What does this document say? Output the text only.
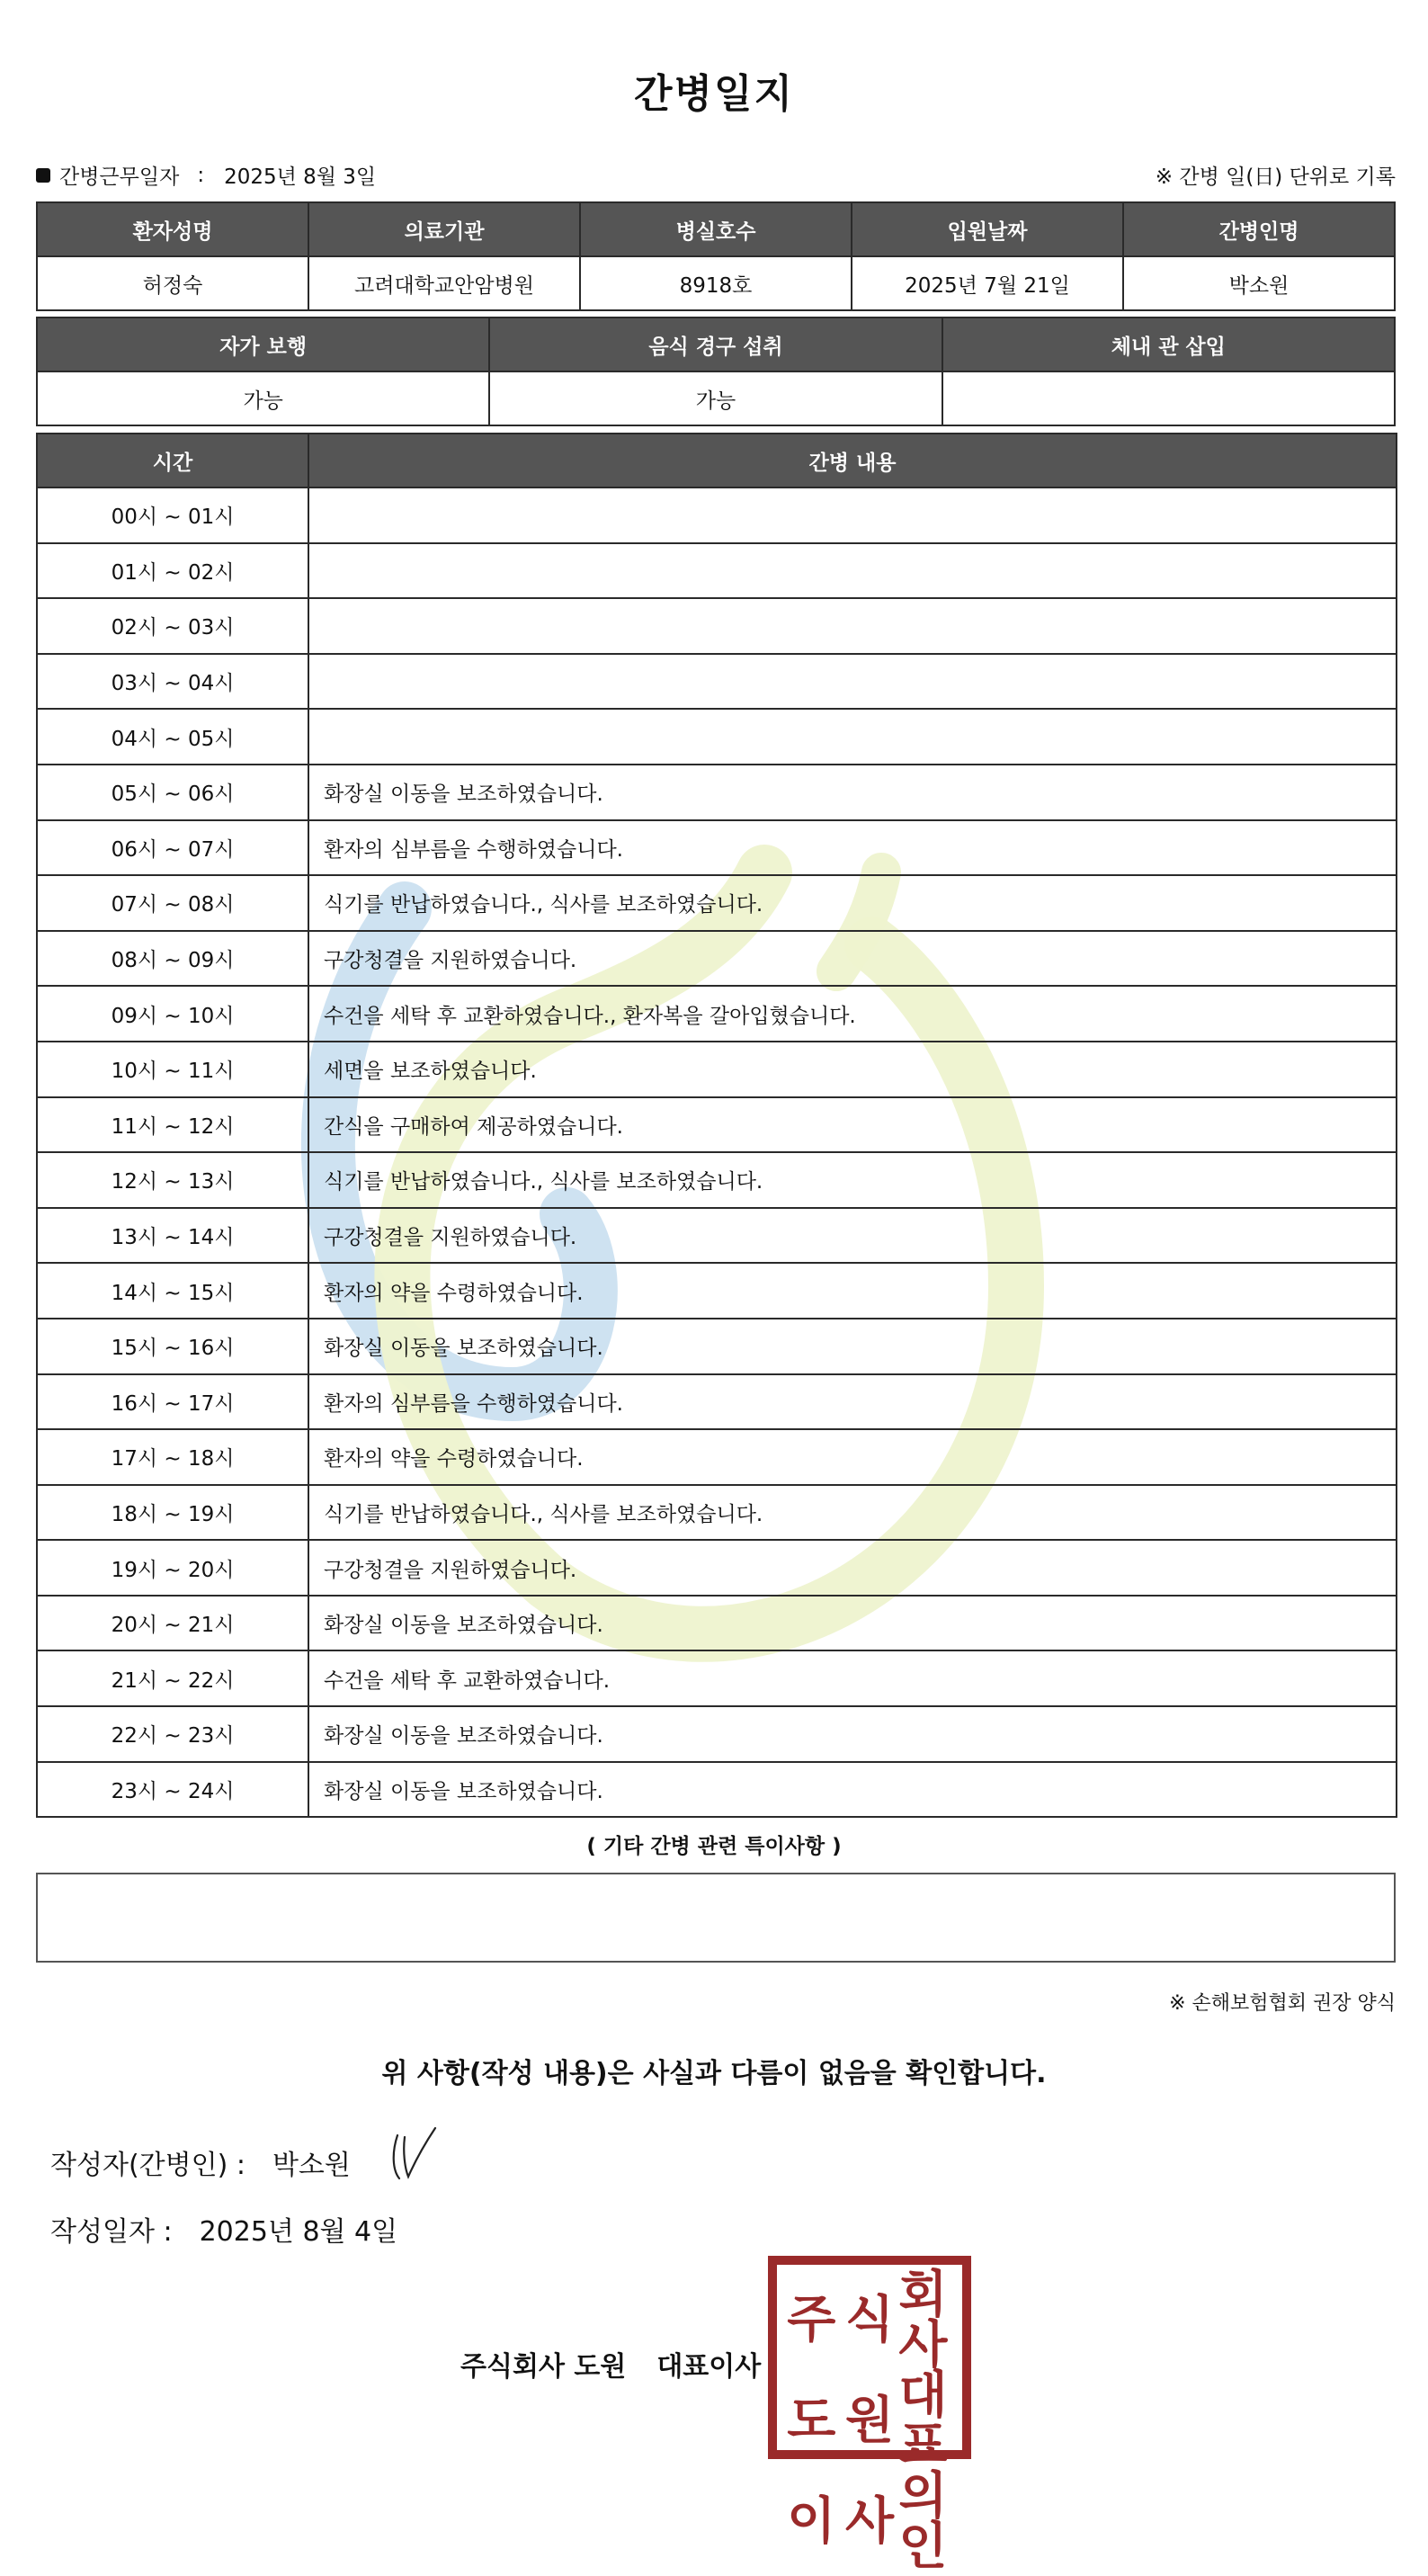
간병일지
간병근무일자 : 2025년 8월 3일	※ 간병 일(日) 단위로 기록
환자성명	의료기관	병실호수	입원날짜	간병인명
허정숙	고려대학교안암병원	8918호	2025년 7월 21일	박소원
자가 보행	음식 경구 섭취	체내 관 삽입
가능	가능	
시간	간병 내용
00시 ~ 01시	
01시 ~ 02시	
02시 ~ 03시	
03시 ~ 04시	
04시 ~ 05시	
05시 ~ 06시	화장실 이동을 보조하였습니다.
06시 ~ 07시	환자의 심부름을 수행하였습니다.
07시 ~ 08시	식기를 반납하였습니다., 식사를 보조하였습니다.
08시 ~ 09시	구강청결을 지원하였습니다.
09시 ~ 10시	수건을 세탁 후 교환하였습니다., 환자복을 갈아입혔습니다.
10시 ~ 11시	세면을 보조하였습니다.
11시 ~ 12시	간식을 구매하여 제공하였습니다.
12시 ~ 13시	식기를 반납하였습니다., 식사를 보조하였습니다.
13시 ~ 14시	구강청결을 지원하였습니다.
14시 ~ 15시	환자의 약을 수령하였습니다.
15시 ~ 16시	화장실 이동을 보조하였습니다.
16시 ~ 17시	환자의 심부름을 수행하였습니다.
17시 ~ 18시	환자의 약을 수령하였습니다.
18시 ~ 19시	식기를 반납하였습니다., 식사를 보조하였습니다.
19시 ~ 20시	구강청결을 지원하였습니다.
20시 ~ 21시	화장실 이동을 보조하였습니다.
21시 ~ 22시	수건을 세탁 후 교환하였습니다.
22시 ~ 23시	화장실 이동을 보조하였습니다.
23시 ~ 24시	화장실 이동을 보조하였습니다.
( 기타 간병 관련 특이사항 )
※ 손해보험협회 권장 양식
위 사항(작성 내용)은 사실과 다름이 없음을 확인합니다.
작성자(간병인) : 박소원
작성일자 : 2025년 8월 4일
주식회사 도원 대표이사
주 식 회사
도 원 대표
이 사 의인
